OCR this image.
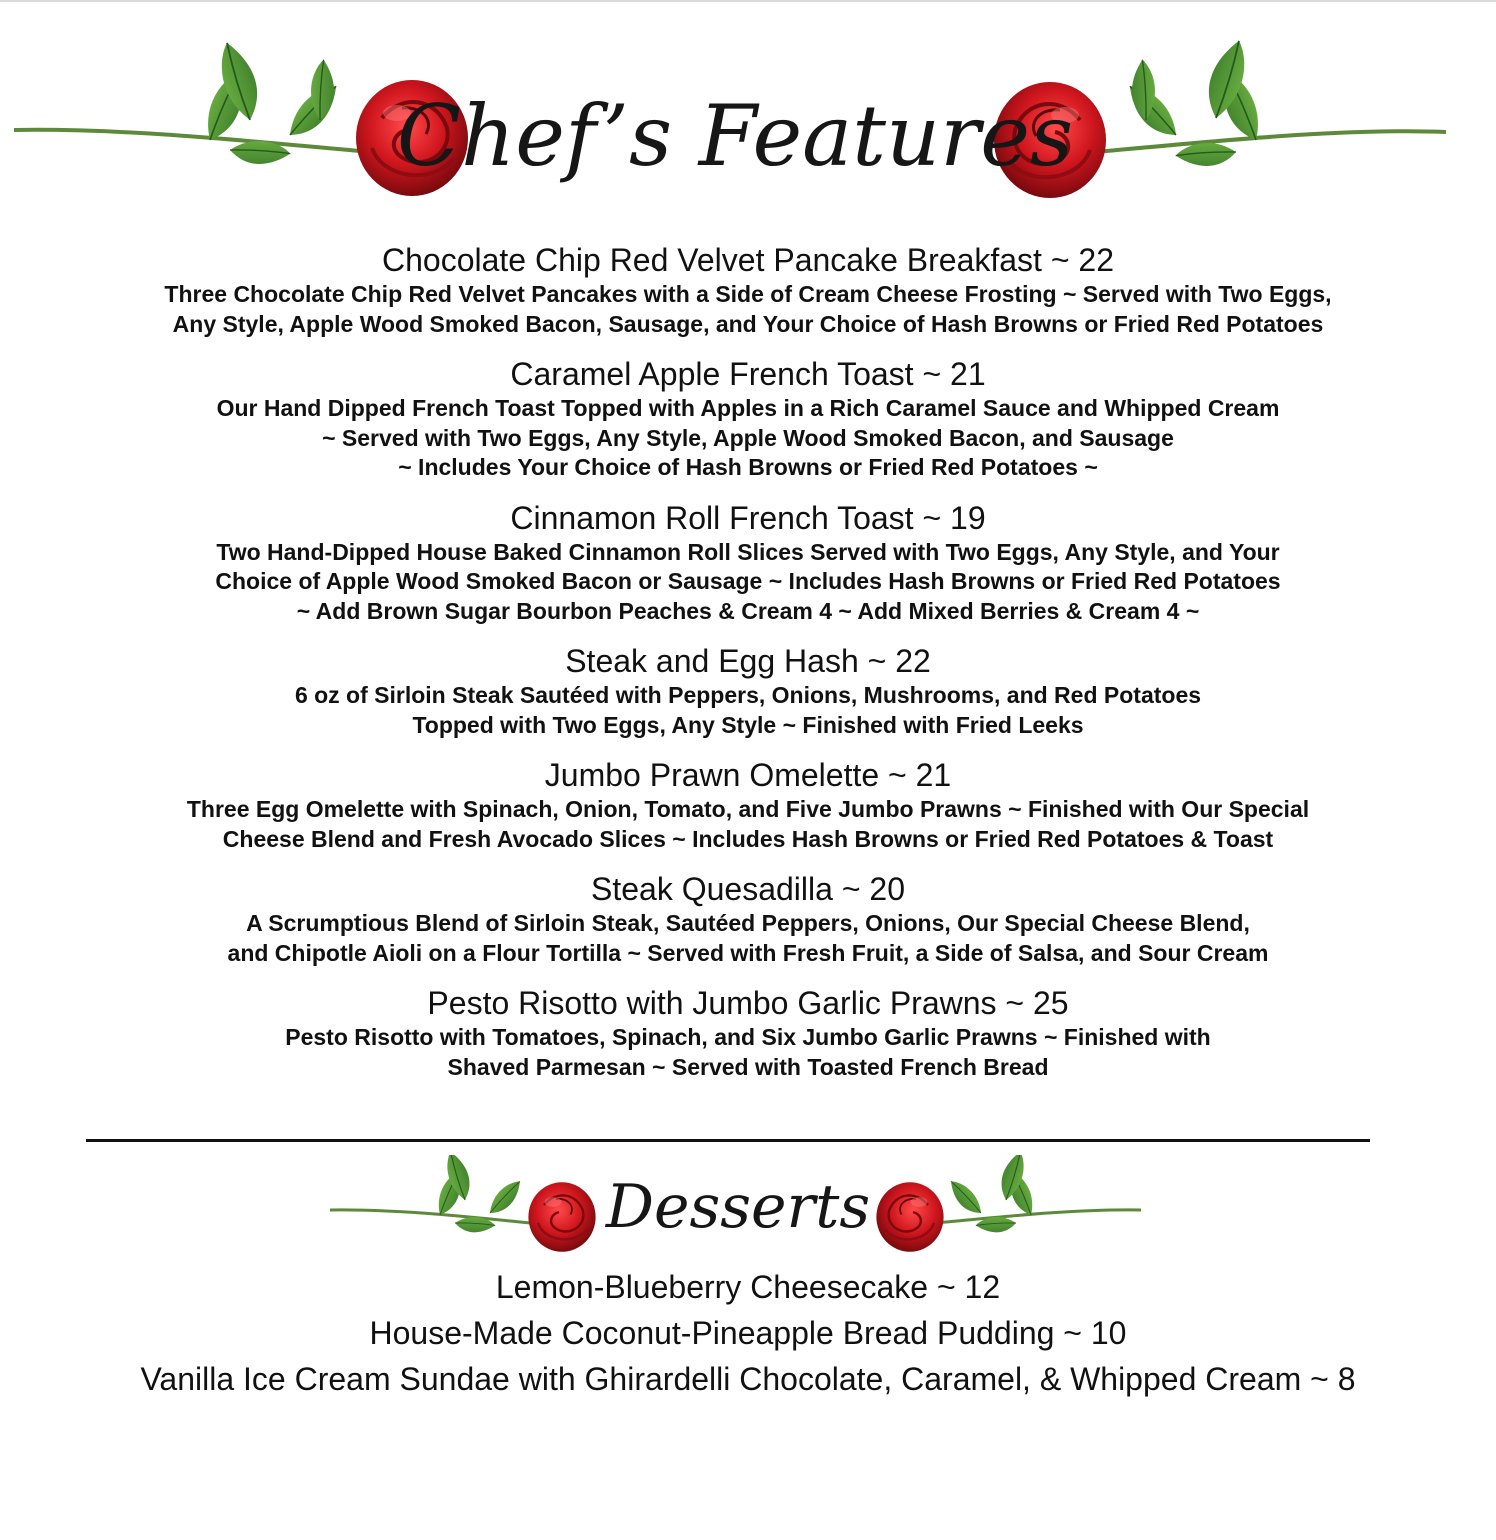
Chef’s Features

Chocolate Chip Red Velvet Pancake Breakfast ~ 22

Three Chocolate Chip Red Velvet Pancakes with a Side of Cream Cheese Frosting ~ Served with Two Eggs,
Any Style, Apple Wood Smoked Bacon, Sausage, and Your Choice of Hash Browns or Fried Red Potatoes

Caramel Apple French Toast ~ 21

Our Hand Dipped French Toast Topped with Apples in a Rich Caramel Sauce and Whipped Cream
~ Served with Two Eggs, Any Style, Apple Wood Smoked Bacon, and Sausage
~ Includes Your Choice of Hash Browns or Fried Red Potatoes ~

Cinnamon Roll French Toast ~ 19

Two Hand-Dipped House Baked Cinnamon Roll Slices Served with Two Eggs, Any Style, and Your
Choice of Apple Wood Smoked Bacon or Sausage ~ Includes Hash Browns or Fried Red Potatoes
~ Add Brown Sugar Bourbon Peaches & Cream 4 ~ Add Mixed Berries & Cream 4 ~

Steak and Egg Hash ~ 22

6 oz of Sirloin Steak Sautéed with Peppers, Onions, Mushrooms, and Red Potatoes
Topped with Two Eggs, Any Style ~ Finished with Fried Leeks

Jumbo Prawn Omelette ~ 21

Three Egg Omelette with Spinach, Onion, Tomato, and Five Jumbo Prawns ~ Finished with Our Special
Cheese Blend and Fresh Avocado Slices ~ Includes Hash Browns or Fried Red Potatoes & Toast

Steak Quesadilla ~ 20

A Scrumptious Blend of Sirloin Steak, Sautéed Peppers, Onions, Our Special Cheese Blend,
and Chipotle Aioli on a Flour Tortilla ~ Served with Fresh Fruit, a Side of Salsa, and Sour Cream

Pesto Risotto with Jumbo Garlic Prawns ~ 25

Pesto Risotto with Tomatoes, Spinach, and Six Jumbo Garlic Prawns ~ Finished with
Shaved Parmesan ~ Served with Toasted French Bread

Desserts

Lemon-Blueberry Cheesecake ~ 12

House-Made Coconut-Pineapple Bread Pudding ~ 10

Vanilla Ice Cream Sundae with Ghirardelli Chocolate, Caramel, & Whipped Cream ~ 8
